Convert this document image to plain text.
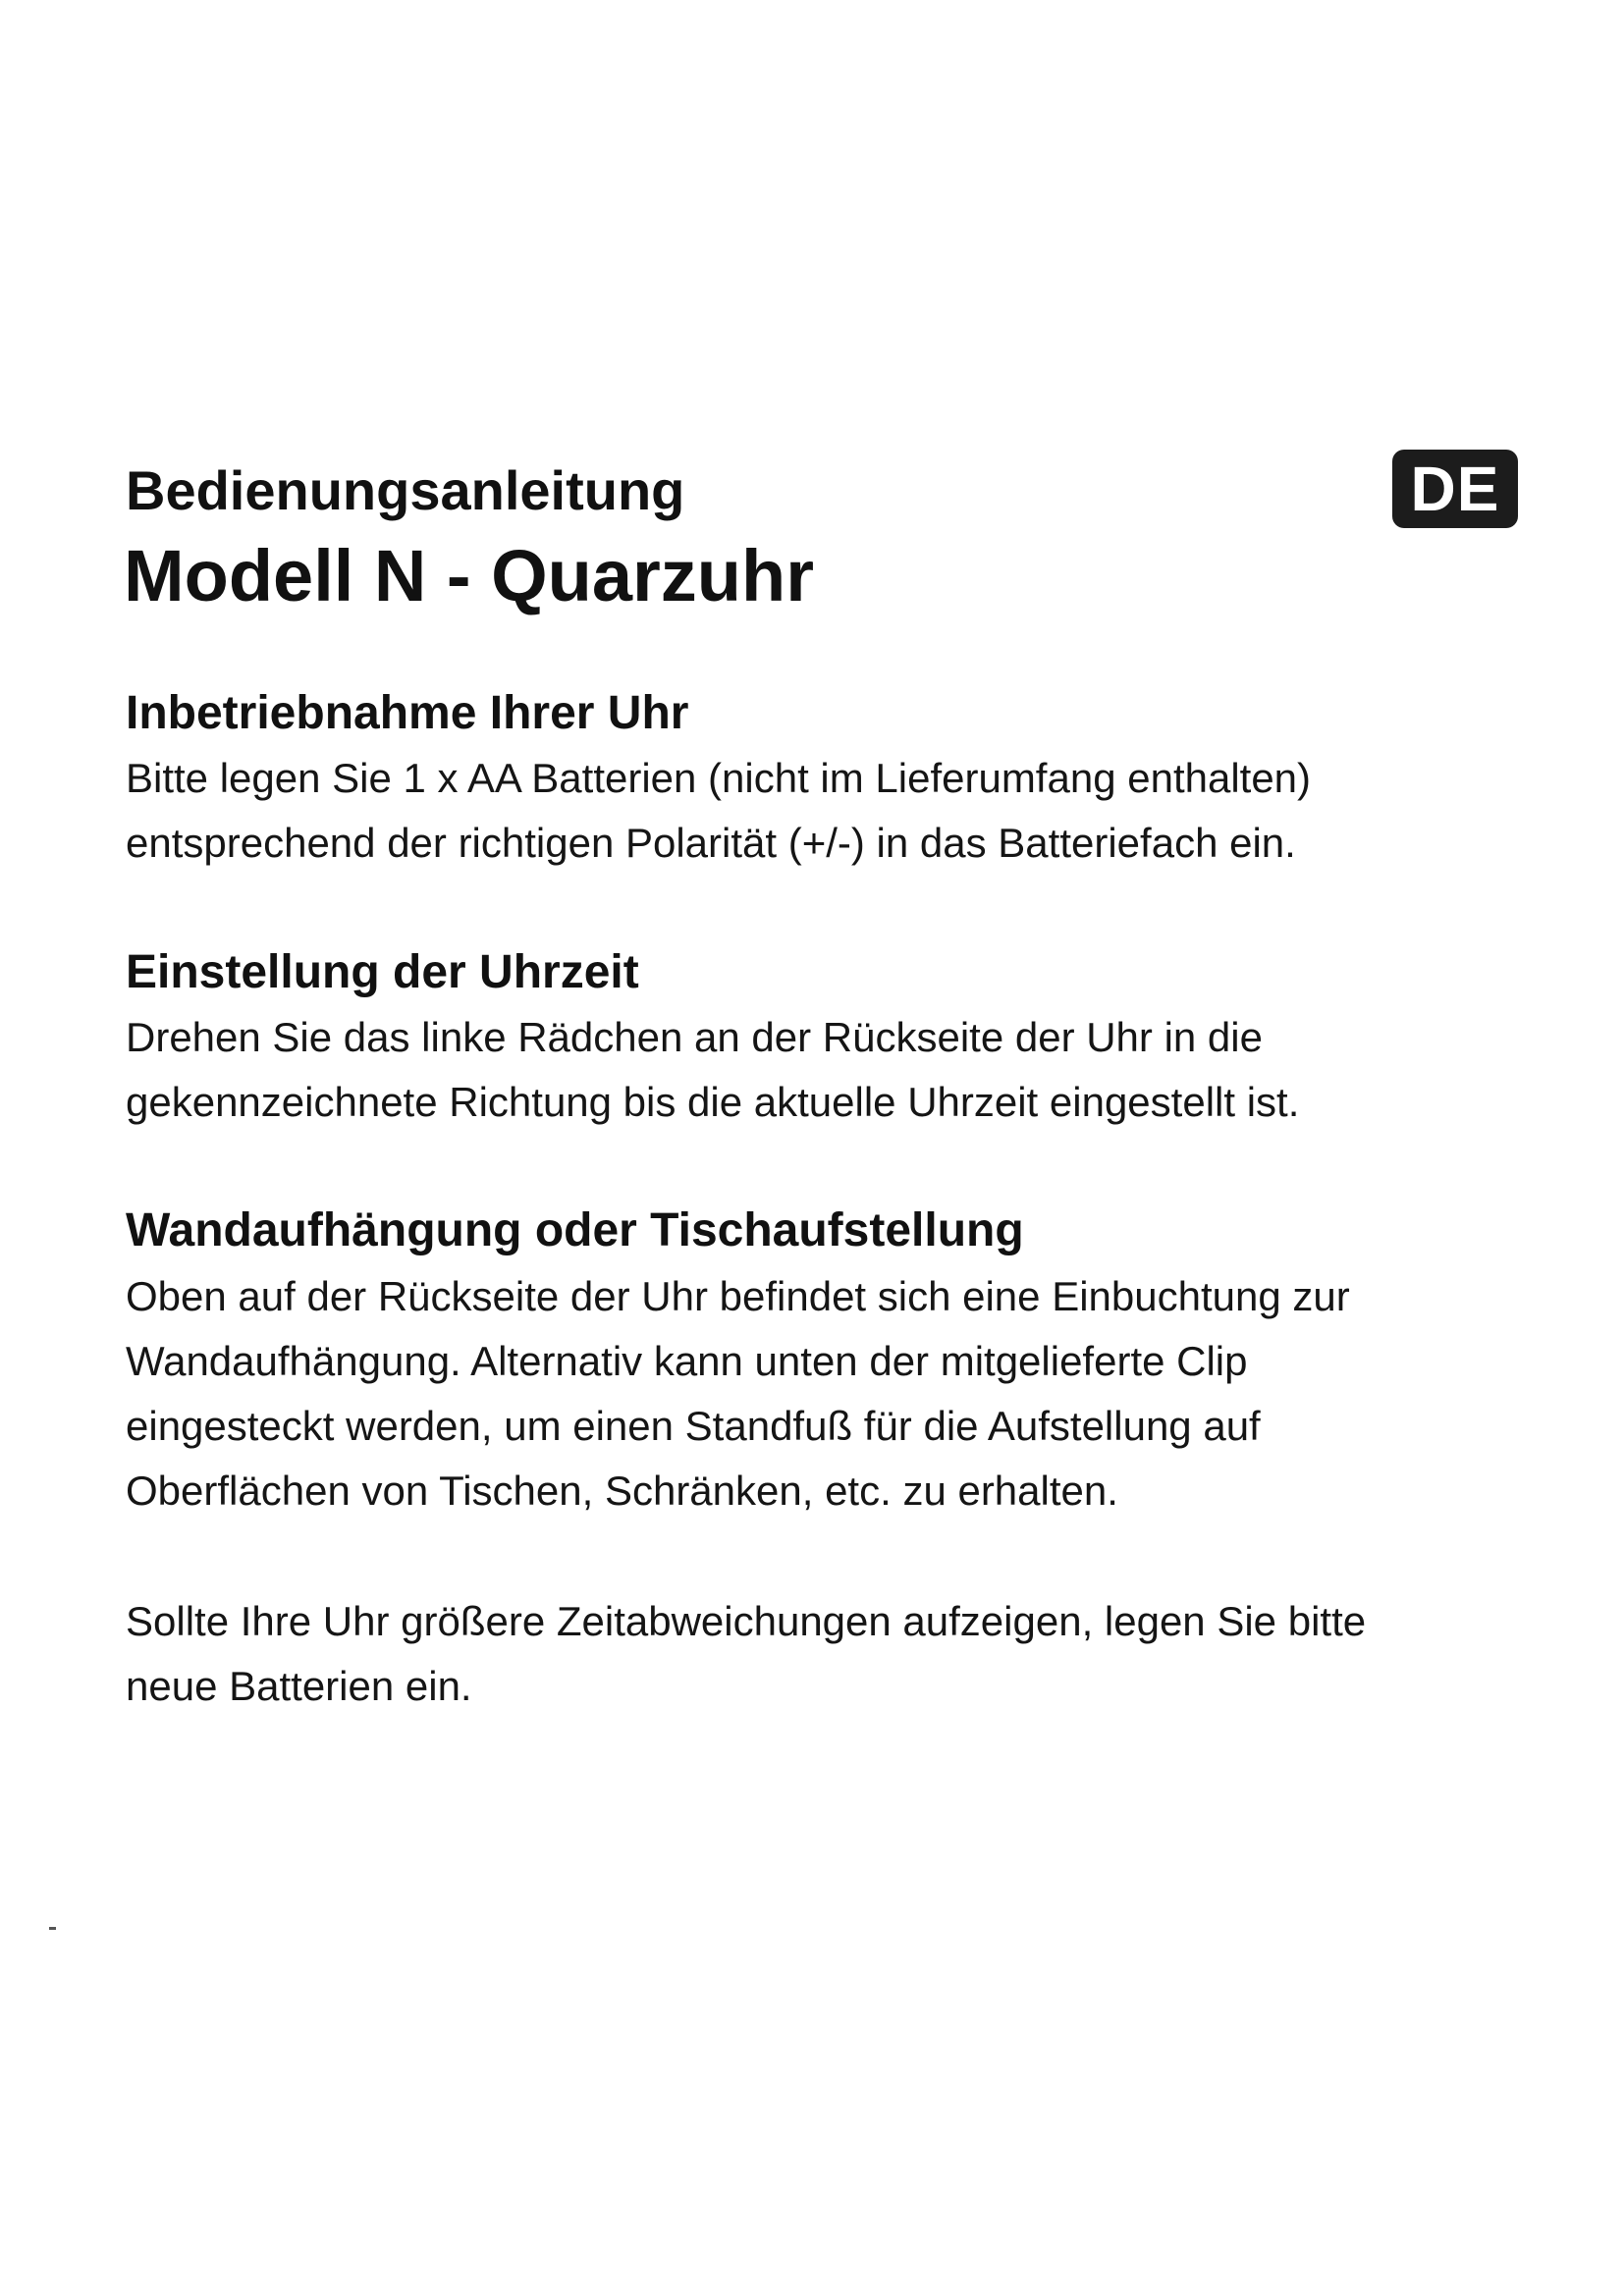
Bedienungsanleitung
Modell N - Quarzuhr
DE
Inbetriebnahme Ihrer Uhr

Bitte legen Sie 1 x AA Batterien (nicht im Lieferumfang enthalten)
entsprechend der richtigen Polarität (+/-) in das Batteriefach ein.

Einstellung der Uhrzeit

Drehen Sie das linke Rädchen an der Rückseite der Uhr in die
gekennzeichnete Richtung bis die aktuelle Uhrzeit eingestellt ist.

Wandaufhängung oder Tischaufstellung

Oben auf der Rückseite der Uhr befindet sich eine Einbuchtung zur
Wandaufhängung. Alternativ kann unten der mitgelieferte Clip
eingesteckt werden, um einen Standfuß für die Aufstellung auf
Oberflächen von Tischen, Schränken, etc. zu erhalten.

Sollte Ihre Uhr größere Zeitabweichungen aufzeigen, legen Sie bitte
neue Batterien ein.
